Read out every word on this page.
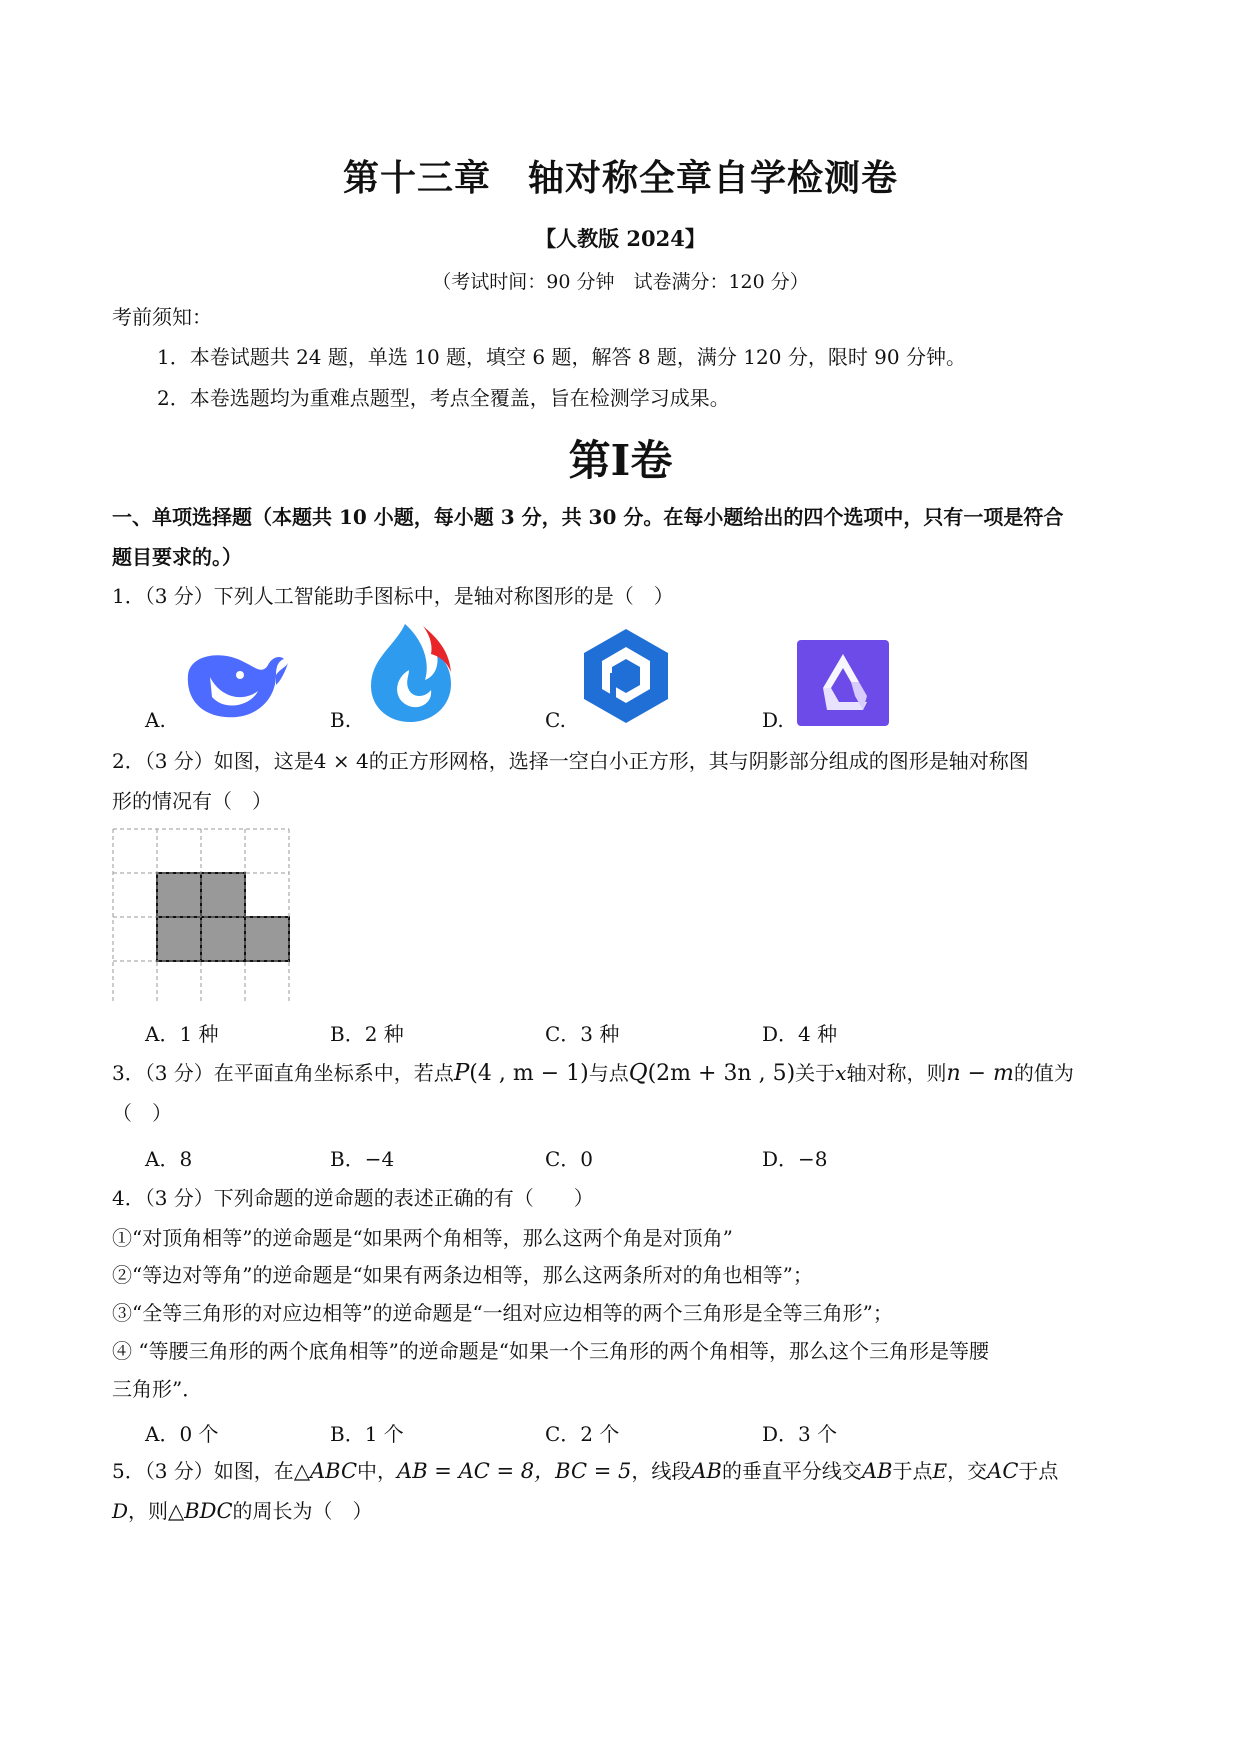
第十三章　轴对称全章自学检测卷
【人教版 2024】
（考试时间：90 分钟　试卷满分：120 分）
考前须知：
1．本卷试题共 24 题，单选 10 题，填空 6 题，解答 8 题，满分 120 分，限时 90 分钟。
2．本卷选题均为重难点题型，考点全覆盖，旨在检测学习成果。
第Ⅰ卷
一、单项选择题（本题共 10 小题，每小题 3 分，共 30 分。在每小题给出的四个选项中，只有一项是符合
题目要求的。）
1．（3 分）下列人工智能助手图标中，是轴对称图形的是（　）
A.	B.	C.	D.
2．（3 分）如图，这是4 × 4的正方形网格，选择一空白小正方形，其与阴影部分组成的图形是轴对称图
形的情况有（　）
A．1 种	B．2 种	C．3 种	D．4 种
3．（3 分）在平面直角坐标系中，若点P(4 , m − 1)与点Q(2m + 3n , 5)关于x轴对称，则n − m的值为
（　）
A．8	B．−4	C．0	D．−8
4．（3 分）下列命题的逆命题的表述正确的有（　　）
①“对顶角相等”的逆命题是“如果两个角相等，那么这两个角是对顶角”
②“等边对等角”的逆命题是“如果有两条边相等，那么这两条所对的角也相等”；
③“全等三角形的对应边相等”的逆命题是“一组对应边相等的两个三角形是全等三角形”；
④ “等腰三角形的两个底角相等”的逆命题是“如果一个三角形的两个角相等，那么这个三角形是等腰
三角形”．
A．0 个	B．1 个	C．2 个	D．3 个
5．（3 分）如图，在△ABC中，AB = AC = 8，BC = 5，线段AB的垂直平分线交AB于点E，交AC于点
D，则△BDC的周长为（　）
